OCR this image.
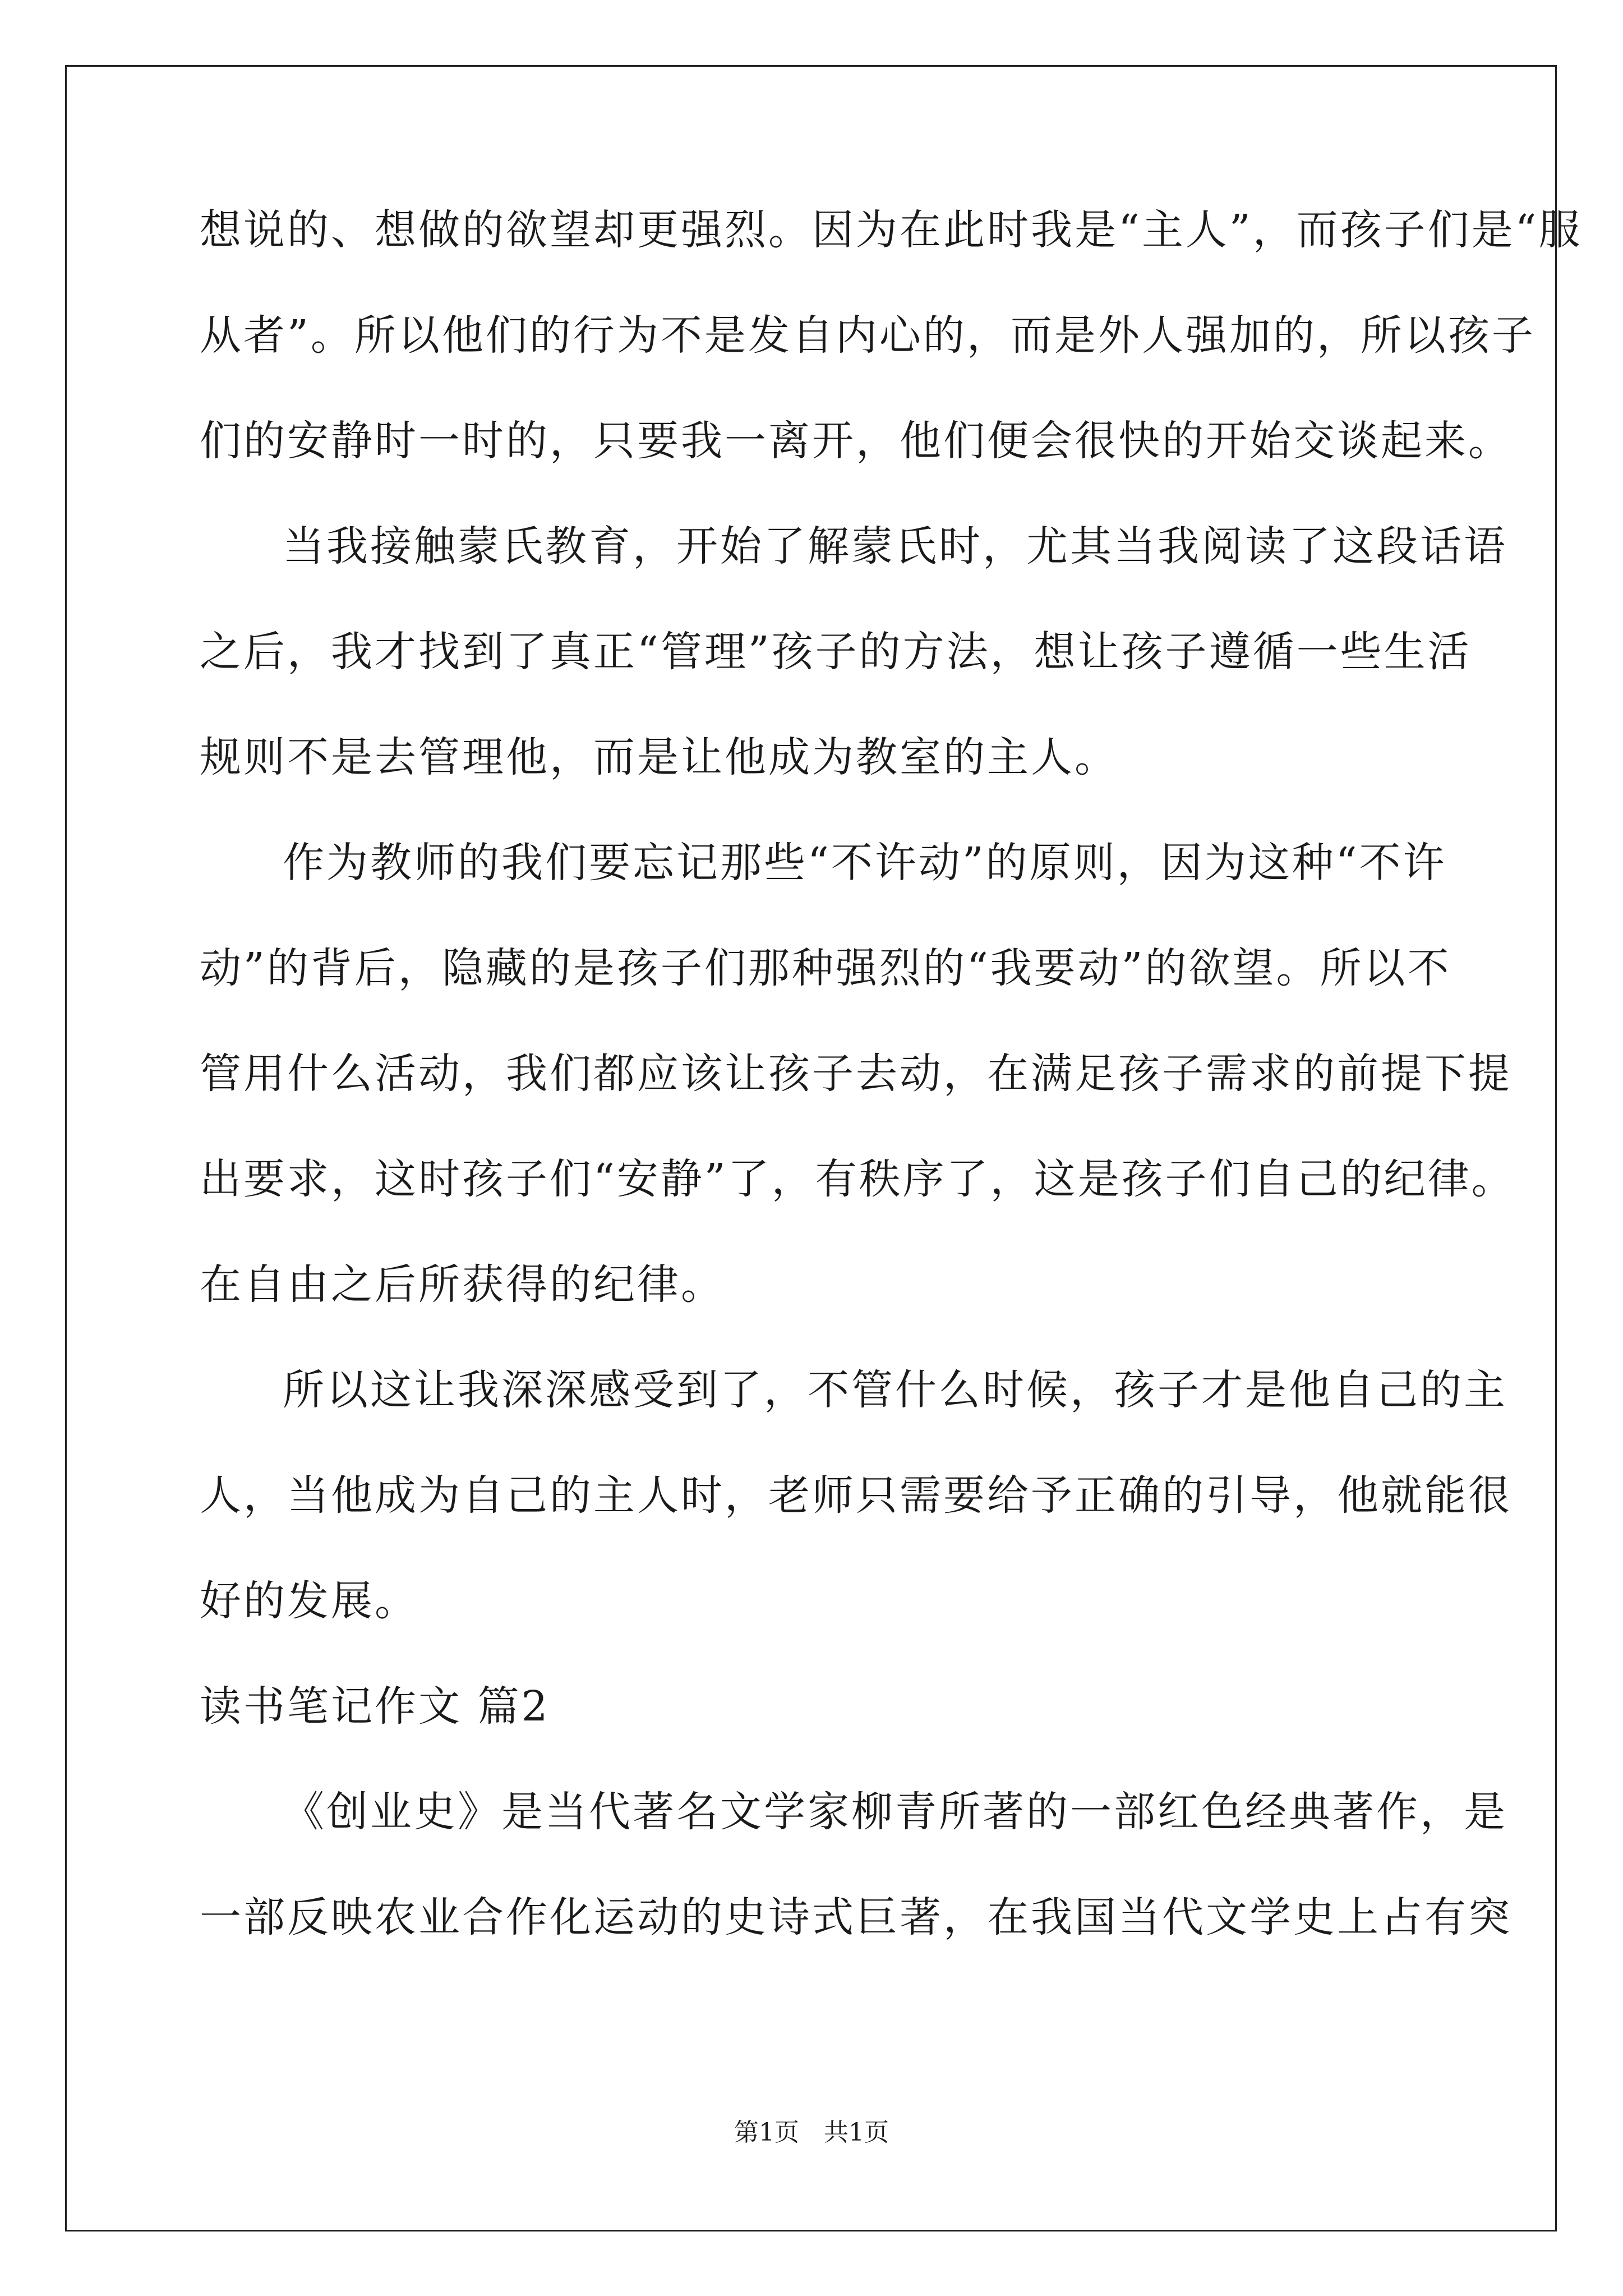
想说的、想做的欲望却更强烈。因为在此时我是“主人”，而孩子们是“服
从者”。所以他们的行为不是发自内心的，而是外人强加的，所以孩子
们的安静时一时的，只要我一离开，他们便会很快的开始交谈起来。
当我接触蒙氏教育，开始了解蒙氏时，尤其当我阅读了这段话语
之后，我才找到了真正“管理”孩子的方法，想让孩子遵循一些生活
规则不是去管理他，而是让他成为教室的主人。
作为教师的我们要忘记那些“不许动”的原则，因为这种“不许
动”的背后，隐藏的是孩子们那种强烈的“我要动”的欲望。所以不
管用什么活动，我们都应该让孩子去动，在满足孩子需求的前提下提
出要求，这时孩子们“安静”了，有秩序了，这是孩子们自己的纪律。
在自由之后所获得的纪律。
所以这让我深深感受到了，不管什么时候，孩子才是他自己的主
人，当他成为自己的主人时，老师只需要给予正确的引导，他就能很
好的发展。
读书笔记作文 篇2
《创业史》是当代著名文学家柳青所著的一部红色经典著作，是
一部反映农业合作化运动的史诗式巨著，在我国当代文学史上占有突
第1页　共1页
